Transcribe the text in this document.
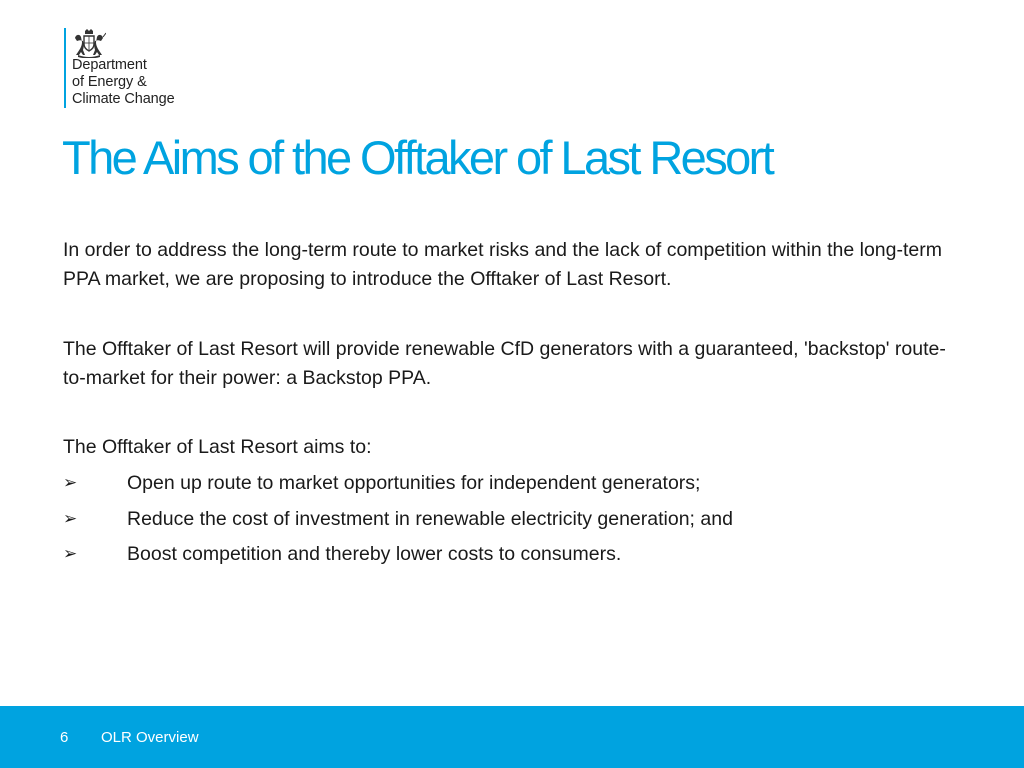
Department
of Energy &
Climate Change
The Aims of the Offtaker of Last Resort

In order to address the long-term route to market risks and the lack of competition within the long-term PPA market, we are proposing to introduce the Offtaker of Last Resort.

The Offtaker of Last Resort will provide renewable CfD generators with a guaranteed, 'backstop' route-to-market for their power: a Backstop PPA.

The Offtaker of Last Resort aims to:

➢	Open up route to market opportunities for independent generators;
➢	Reduce the cost of investment in renewable electricity generation; and
➢	Boost competition and thereby lower costs to consumers.
6 OLR Overview
